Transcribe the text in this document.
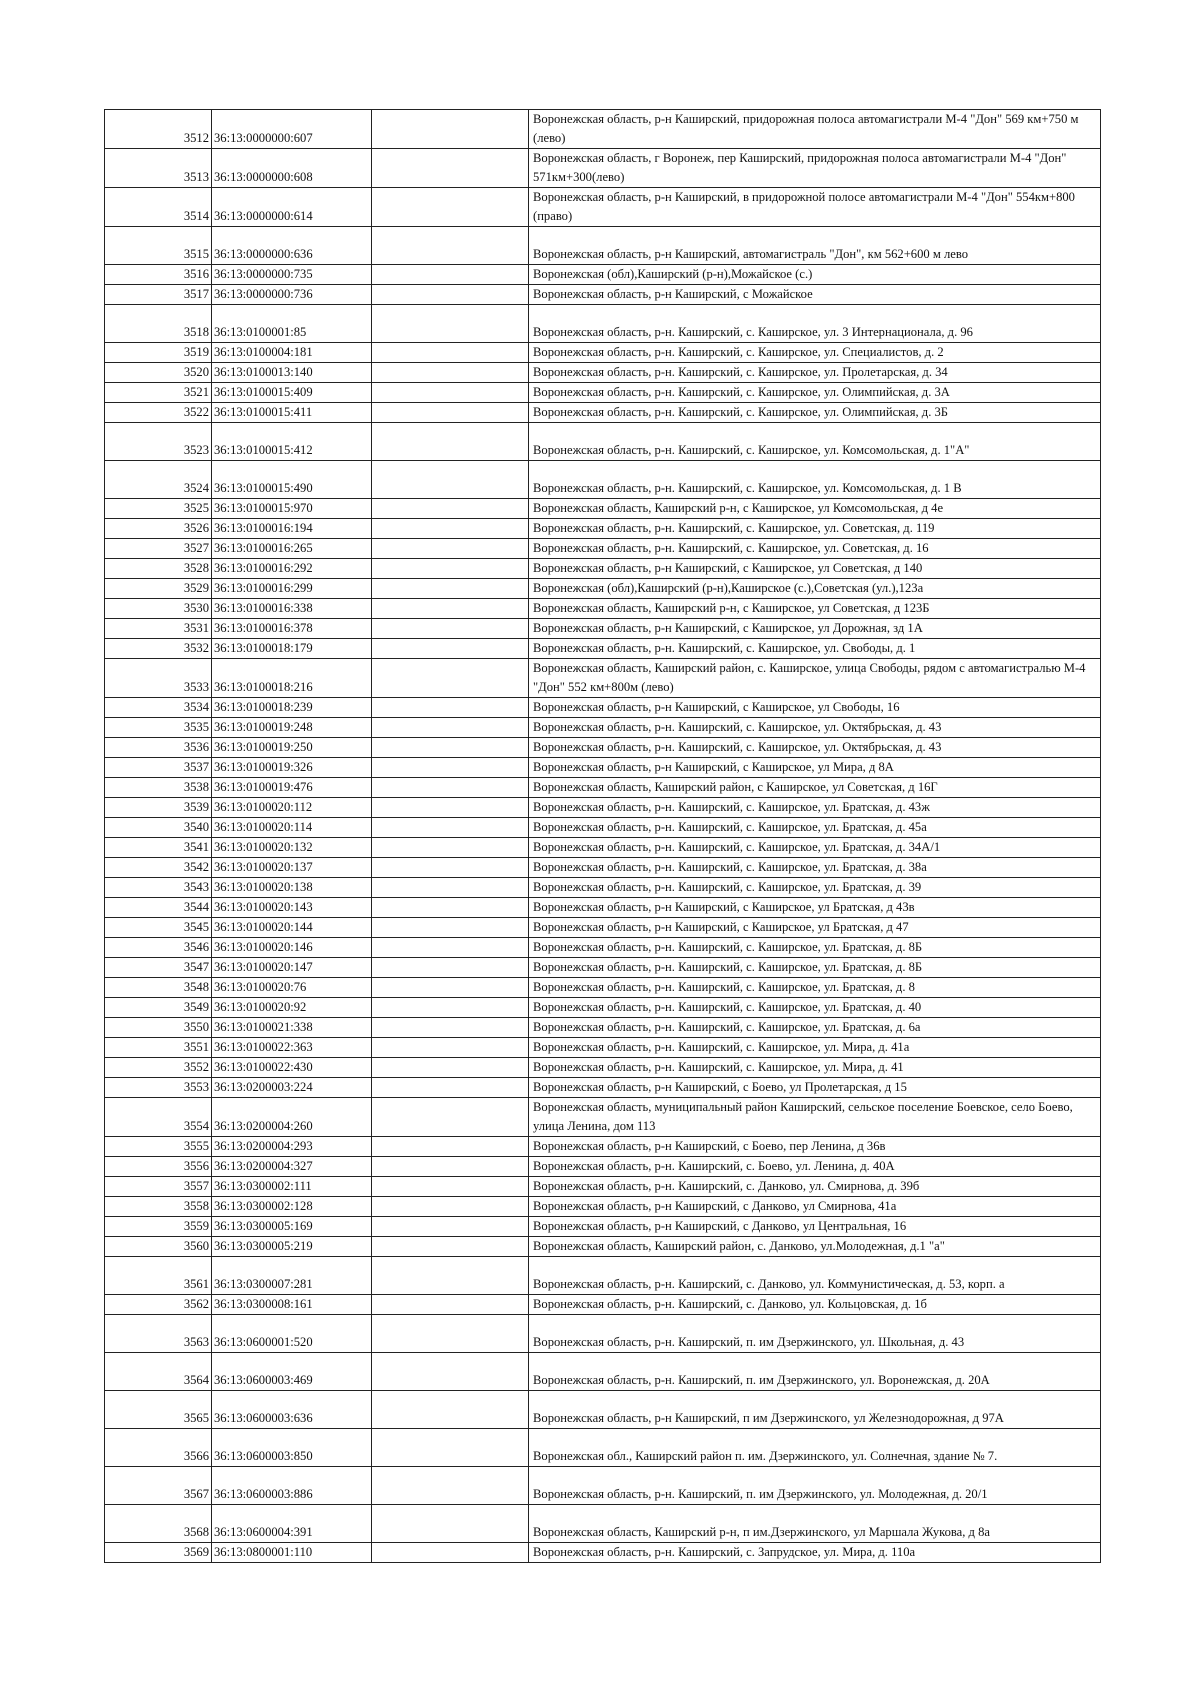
3512	36:13:0000000:607		Воронежская область, р-н Каширский, придорожная полоса автомагистрали М-4 "Дон" 569 км+750 м (лево)
3513	36:13:0000000:608		Воронежская область, г Воронеж, пер Каширский, придорожная полоса автомагистрали М-4 "Дон" 571км+300(лево)
3514	36:13:0000000:614		Воронежская область, р-н Каширский, в придорожной полосе автомагистрали М-4 "Дон" 554км+800 (право)
3515	36:13:0000000:636		Воронежская область, р-н Каширский, автомагистраль "Дон", км 562+600 м лево
3516	36:13:0000000:735		Воронежская (обл),Каширский (р-н),Можайское (с.)
3517	36:13:0000000:736		Воронежская область, р-н Каширский, с Можайское
3518	36:13:0100001:85		Воронежская область, р-н. Каширский, с. Каширское, ул. 3 Интернационала, д. 96
3519	36:13:0100004:181		Воронежская область, р-н. Каширский, с. Каширское, ул. Специалистов, д. 2
3520	36:13:0100013:140		Воронежская область, р-н. Каширский, с. Каширское, ул. Пролетарская, д. 34
3521	36:13:0100015:409		Воронежская область, р-н. Каширский, с. Каширское, ул. Олимпийская, д. 3А
3522	36:13:0100015:411		Воронежская область, р-н. Каширский, с. Каширское, ул. Олимпийская, д. 3Б
3523	36:13:0100015:412		Воронежская область, р-н. Каширский, с. Каширское, ул. Комсомольская, д. 1"А"
3524	36:13:0100015:490		Воронежская область, р-н. Каширский, с. Каширское, ул. Комсомольская, д. 1 В
3525	36:13:0100015:970		Воронежская область, Каширский р-н, с Каширское, ул Комсомольская, д 4е
3526	36:13:0100016:194		Воронежская область, р-н. Каширский, с. Каширское, ул. Советская, д. 119
3527	36:13:0100016:265		Воронежская область, р-н. Каширский, с. Каширское, ул. Советская, д. 16
3528	36:13:0100016:292		Воронежская область, р-н Каширский, с Каширское, ул Советская, д 140
3529	36:13:0100016:299		Воронежская (обл),Каширский (р-н),Каширское (с.),Советская (ул.),123а
3530	36:13:0100016:338		Воронежская область, Каширский р-н, с Каширское, ул Советская, д 123Б
3531	36:13:0100016:378		Воронежская область, р-н Каширский, с Каширское, ул Дорожная, зд 1А
3532	36:13:0100018:179		Воронежская область, р-н. Каширский, с. Каширское, ул. Свободы, д. 1
3533	36:13:0100018:216		Воронежская область, Каширский район, с. Каширское, улица Свободы, рядом с автомагистралью М-4 "Дон" 552 км+800м (лево)
3534	36:13:0100018:239		Воронежская область, р-н Каширский, с Каширское, ул Свободы, 16
3535	36:13:0100019:248		Воронежская область, р-н. Каширский, с. Каширское, ул. Октябрьская, д. 43
3536	36:13:0100019:250		Воронежская область, р-н. Каширский, с. Каширское, ул. Октябрьская, д. 43
3537	36:13:0100019:326		Воронежская область, р-н Каширский, с Каширское, ул Мира, д 8А
3538	36:13:0100019:476		Воронежская область, Каширский район, с Каширское, ул Советская, д 16Г
3539	36:13:0100020:112		Воронежская область, р-н. Каширский, с. Каширское, ул. Братская, д. 43ж
3540	36:13:0100020:114		Воронежская область, р-н. Каширский, с. Каширское, ул. Братская, д. 45а
3541	36:13:0100020:132		Воронежская область, р-н. Каширский, с. Каширское, ул. Братская, д. 34А/1
3542	36:13:0100020:137		Воронежская область, р-н. Каширский, с. Каширское, ул. Братская, д. 38а
3543	36:13:0100020:138		Воронежская область, р-н. Каширский, с. Каширское, ул. Братская, д. 39
3544	36:13:0100020:143		Воронежская область, р-н Каширский, с Каширское, ул Братская, д 43в
3545	36:13:0100020:144		Воронежская область, р-н Каширский, с Каширское, ул Братская, д 47
3546	36:13:0100020:146		Воронежская область, р-н. Каширский, с. Каширское, ул. Братская, д. 8Б
3547	36:13:0100020:147		Воронежская область, р-н. Каширский, с. Каширское, ул. Братская, д. 8Б
3548	36:13:0100020:76		Воронежская область, р-н. Каширский, с. Каширское, ул. Братская, д. 8
3549	36:13:0100020:92		Воронежская область, р-н. Каширский, с. Каширское, ул. Братская, д. 40
3550	36:13:0100021:338		Воронежская область, р-н. Каширский, с. Каширское, ул. Братская, д. 6а
3551	36:13:0100022:363		Воронежская область, р-н. Каширский, с. Каширское, ул. Мира, д. 41а
3552	36:13:0100022:430		Воронежская область, р-н. Каширский, с. Каширское, ул. Мира, д. 41
3553	36:13:0200003:224		Воронежская область, р-н Каширский, с Боево, ул Пролетарская, д 15
3554	36:13:0200004:260		Воронежская область, муниципальный район Каширский, сельское поселение Боевское, село Боево, улица Ленина, дом 113
3555	36:13:0200004:293		Воронежская область, р-н Каширский, с Боево, пер Ленина, д 36в
3556	36:13:0200004:327		Воронежская область, р-н. Каширский, с. Боево, ул. Ленина, д. 40А
3557	36:13:0300002:111		Воронежская область, р-н. Каширский, с. Данково, ул. Смирнова, д. 39б
3558	36:13:0300002:128		Воронежская область, р-н Каширский, с Данково, ул Смирнова, 41а
3559	36:13:0300005:169		Воронежская область, р-н Каширский, с Данково, ул Центральная, 16
3560	36:13:0300005:219		Воронежская область, Каширский район, с. Данково, ул.Молодежная, д.1 "а"
3561	36:13:0300007:281		Воронежская область, р-н. Каширский, с. Данково, ул. Коммунистическая, д. 53, корп. а
3562	36:13:0300008:161		Воронежская область, р-н. Каширский, с. Данково, ул. Кольцовская, д. 1б
3563	36:13:0600001:520		Воронежская область, р-н. Каширский, п. им Дзержинского, ул. Школьная, д. 43
3564	36:13:0600003:469		Воронежская область, р-н. Каширский, п. им Дзержинского, ул. Воронежская, д. 20А
3565	36:13:0600003:636		Воронежская область, р-н Каширский, п им Дзержинского, ул Железнодорожная, д 97А
3566	36:13:0600003:850		Воронежская обл., Каширский район п. им. Дзержинского, ул. Солнечная, здание № 7.
3567	36:13:0600003:886		Воронежская область, р-н. Каширский, п. им Дзержинского, ул. Молодежная, д. 20/1
3568	36:13:0600004:391		Воронежская область, Каширский р-н, п им.Дзержинского, ул Маршала Жукова, д 8а
3569	36:13:0800001:110		Воронежская область, р-н. Каширский, с. Запрудское, ул. Мира, д. 110а
